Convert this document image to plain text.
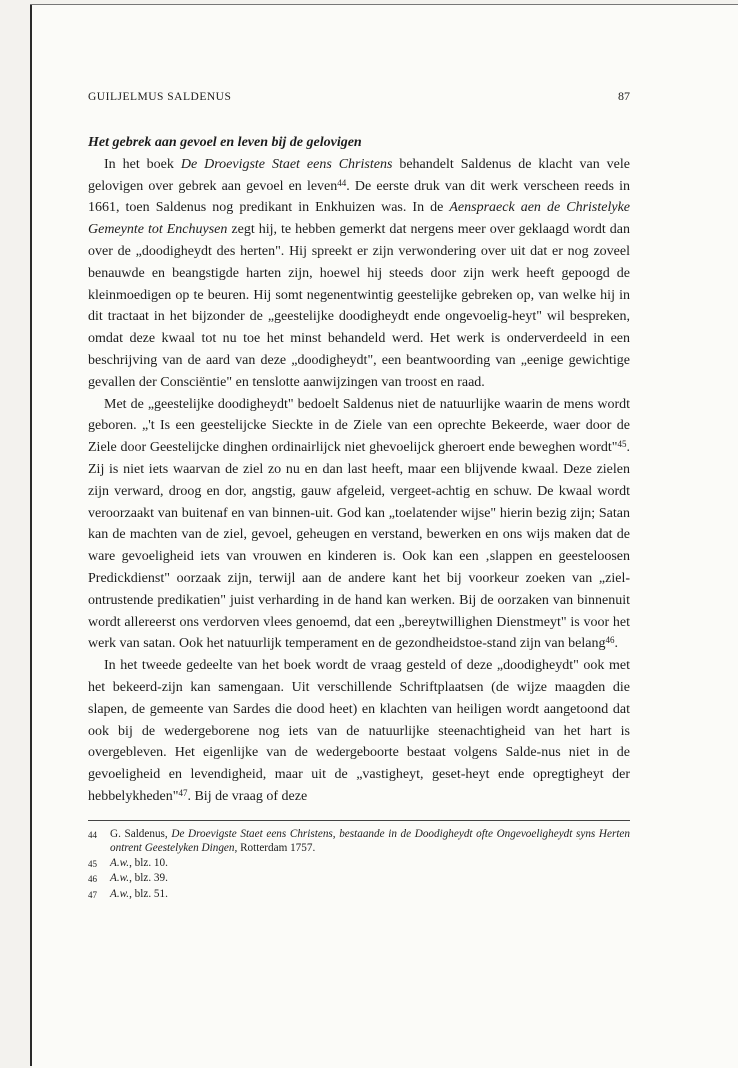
GUILJELMUS SALDENUS	87
Het gebrek aan gevoel en leven bij de gelovigen

In het boek De Droevigste Staet eens Christens behandelt Saldenus de klacht van vele gelovigen over gebrek aan gevoel en leven$^{44}$. De eerste druk van dit werk verscheen reeds in 1661, toen Saldenus nog predikant in Enkhuizen was. In de Aenspraeck aen de Christelyke Gemeynte tot Enchuysen zegt hij, te hebben gemerkt dat nergens meer over geklaagd wordt dan over de „doodigheydt des herten". Hij spreekt er zijn verwondering over uit dat er nog zoveel benauwde en beangstigde harten zijn, hoewel hij steeds door zijn werk heeft gepoogd de kleinmoedigen op te beuren. Hij somt negenentwintig geestelijke gebreken op, van welke hij in dit tractaat in het bijzonder de „geestelijke doodigheydt ende ongevoelig-heyt" wil bespreken, omdat deze kwaal tot nu toe het minst behandeld werd. Het werk is onderverdeeld in een beschrijving van de aard van deze „doodigheydt", een beantwoording van „eenige gewichtige gevallen der Consciëntie" en tenslotte aanwijzingen van troost en raad.

Met de „geestelijke doodigheydt" bedoelt Saldenus niet de natuurlijke waarin de mens wordt geboren. „'t Is een geestelijcke Sieckte in de Ziele van een oprechte Bekeerde, waer door de Ziele door Geestelijcke dinghen ordinairlijck niet ghevoelijck gheroert ende beweghen wordt"$^{45}$. Zij is niet iets waarvan de ziel zo nu en dan last heeft, maar een blijvende kwaal. Deze zielen zijn verward, droog en dor, angstig, gauw afgeleid, vergeet-achtig en schuw. De kwaal wordt veroorzaakt van buitenaf en van binnen-uit. God kan „toelatender wijse" hierin bezig zijn; Satan kan de machten van de ziel, gevoel, geheugen en verstand, bewerken en ons wijs maken dat de ware gevoeligheid iets van vrouwen en kinderen is. Ook kan een ‚slappen en geesteloosen Predickdienst" oorzaak zijn, terwijl aan de andere kant het bij voorkeur zoeken van „ziel-ontrustende predikatien" juist verharding in de hand kan werken. Bij de oorzaken van binnenuit wordt allereerst ons verdorven vlees genoemd, dat een „bereytwillighen Dienstmeyt" is voor het werk van satan. Ook het natuurlijk temperament en de gezondheidstoe-stand zijn van belang$^{46}$.

In het tweede gedeelte van het boek wordt de vraag gesteld of deze „doodigheydt" ook met het bekeerd-zijn kan samengaan. Uit verschillende Schriftplaatsen (de wijze maagden die slapen, de gemeente van Sardes die dood heet) en klachten van heiligen wordt aangetoond dat ook bij de wedergeborene nog iets van de natuurlijke steenachtigheid van het hart is overgebleven. Het eigenlijke van de wedergeboorte bestaat volgens Salde-nus niet in de gevoeligheid en levendigheid, maar uit de „vastigheyt, geset-heyt ende opregtigheyt der hebbelykheden"$^{47}$. Bij de vraag of deze

44	G. Saldenus, De Droevigste Staet eens Christens, bestaande in de Doodigheydt ofte Ongevoeligheydt syns Herten ontrent Geestelyken Dingen, Rotterdam 1757.
45	A.w., blz. 10.
46	A.w., blz. 39.
47	A.w., blz. 51.
